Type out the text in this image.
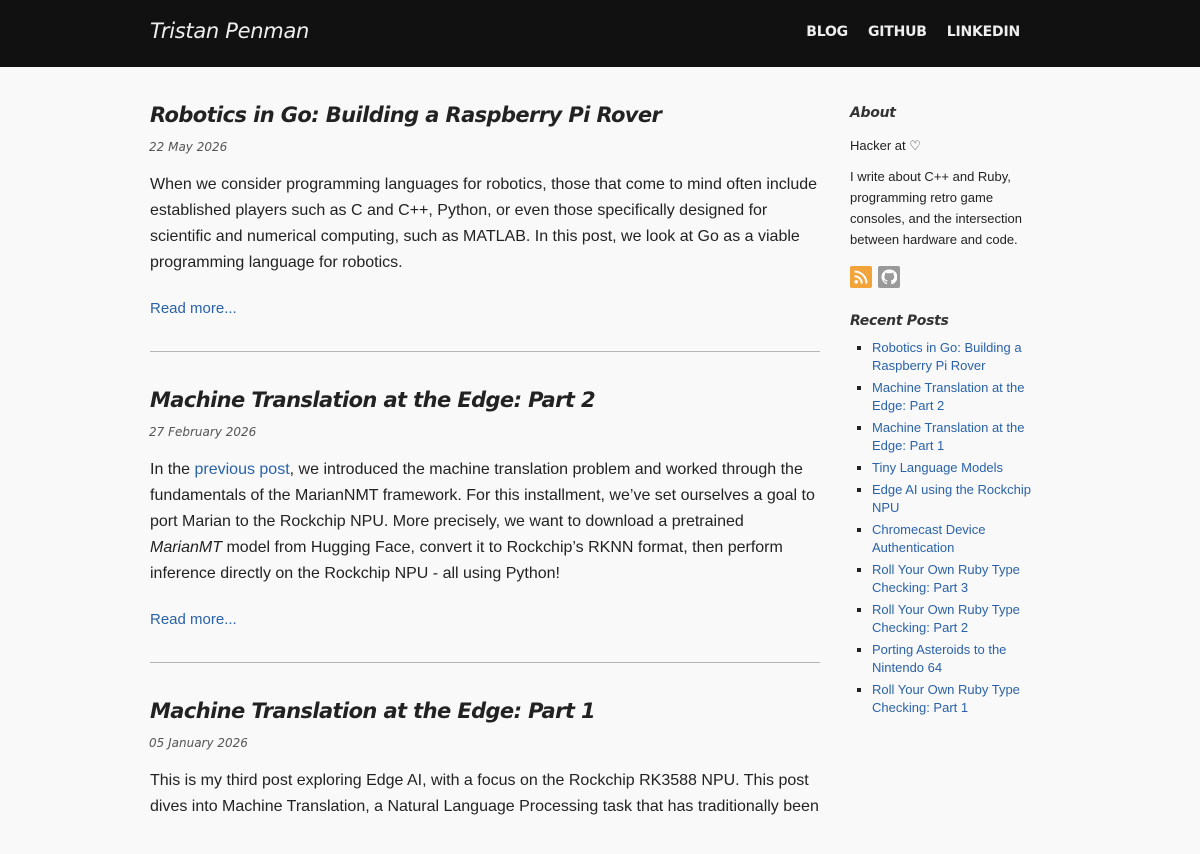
Tristan Penman	BLOG GITHUB LINKEDIN
Robotics in Go: Building a Raspberry Pi Rover
22 May 2026

When we consider programming languages for robotics, those that come to mind often include established players such as C and C++, Python, or even those specifically designed for scientific and numerical computing, such as MATLAB. In this post, we look at Go as a viable programming language for robotics.

Read more...
Machine Translation at the Edge: Part 2
27 February 2026

In the previous post, we introduced the machine translation problem and worked through the fundamentals of the MarianNMT framework. For this installment, we’ve set ourselves a goal to port Marian to the Rockchip NPU. More precisely, we want to download a pretrained MarianMT model from Hugging Face, convert it to Rockchip’s RKNN format, then perform inference directly on the Rockchip NPU - all using Python!

Read more...
Machine Translation at the Edge: Part 1
05 January 2026

This is my third post exploring Edge AI, with a focus on the Rockchip RK3588 NPU. This post dives into Machine Translation, a Natural Language Processing task that has traditionally been

About

Hacker at ♡

I write about C++ and Ruby, programming retro game consoles, and the intersection between hardware and code.

Recent Posts
▪ Robotics in Go: Building a Raspberry Pi Rover
▪ Machine Translation at the Edge: Part 2
▪ Machine Translation at the Edge: Part 1
▪ Tiny Language Models
▪ Edge AI using the Rockchip NPU
▪ Chromecast Device Authentication
▪ Roll Your Own Ruby Type Checking: Part 3
▪ Roll Your Own Ruby Type Checking: Part 2
▪ Porting Asteroids to the Nintendo 64
▪ Roll Your Own Ruby Type Checking: Part 1
